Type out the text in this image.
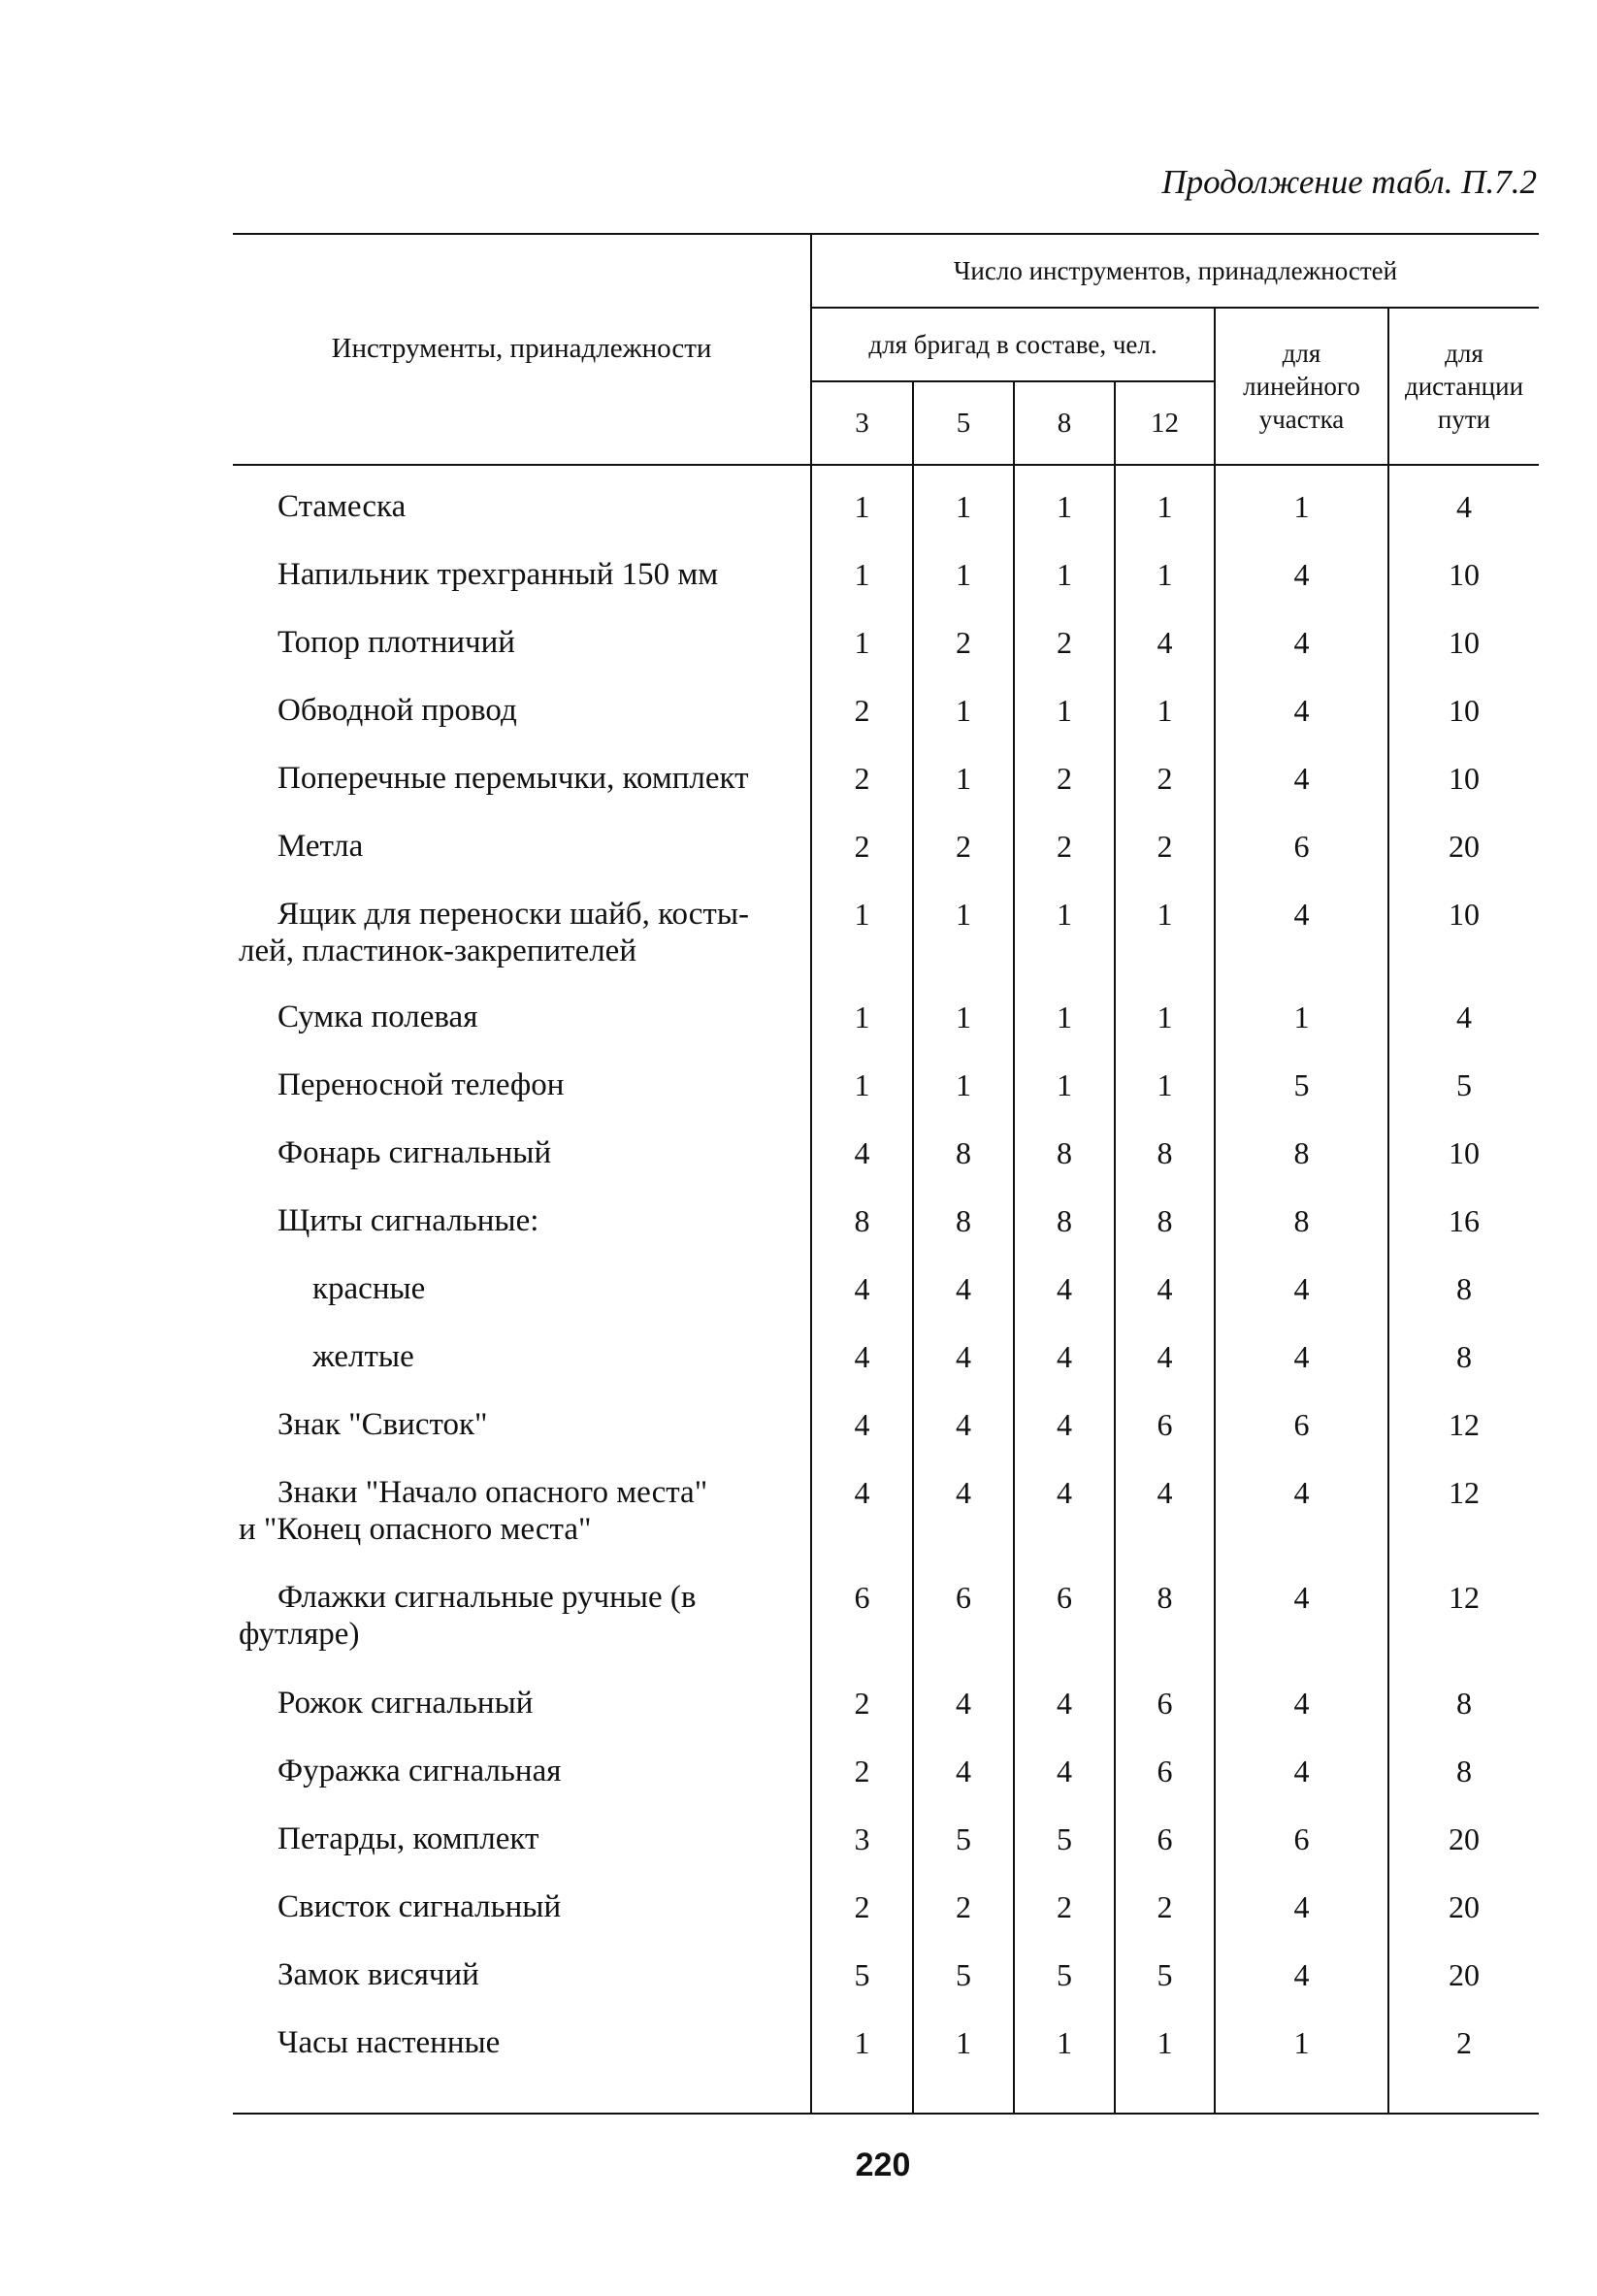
Продолжение табл. П.7.2
Инструменты, принадлежности
Число инструментов, принадлежностей
для бригад в составе, чел.	для линейного участка
для дистанции пути
3	5	8	12
Стамеска	1	1	1	1	1	4
Напильник трехгранный 150 мм	1	1	1	1	4	10
Топор плотничий	1	2	2	4	4	10
Обводной провод	2	1	1	1	4	10
Поперечные перемычки, комплект	2	1	2	2	4	10
Метла	2	2	2	2	6	20
Ящик для переноски шайб, косты-
лей, пластинок-закрепителей
1	1	1	1	4	10
Сумка полевая	1	1	1	1	1	4
Переносной телефон	1	1	1	1	5	5
Фонарь сигнальный	4	8	8	8	8	10
Щиты сигнальные:	8	8	8	8	8	16
красные	4	4	4	4	4	8
желтые	4	4	4	4	4	8
Знак "Свисток"	4	4	4	6	6	12
Знаки "Начало опасного места"
и "Конец опасного места"
4	4	4	4	4	12
Флажки сигнальные ручные (в
футляре)
6	6	6	8	4	12
Рожок сигнальный	2	4	4	6	4	8
Фуражка сигнальная	2	4	4	6	4	8
Петарды, комплект	3	5	5	6	6	20
Свисток сигнальный	2	2	2	2	4	20
Замок висячий	5	5	5	5	4	20
Часы настенные	1	1	1	1	1	2
220
